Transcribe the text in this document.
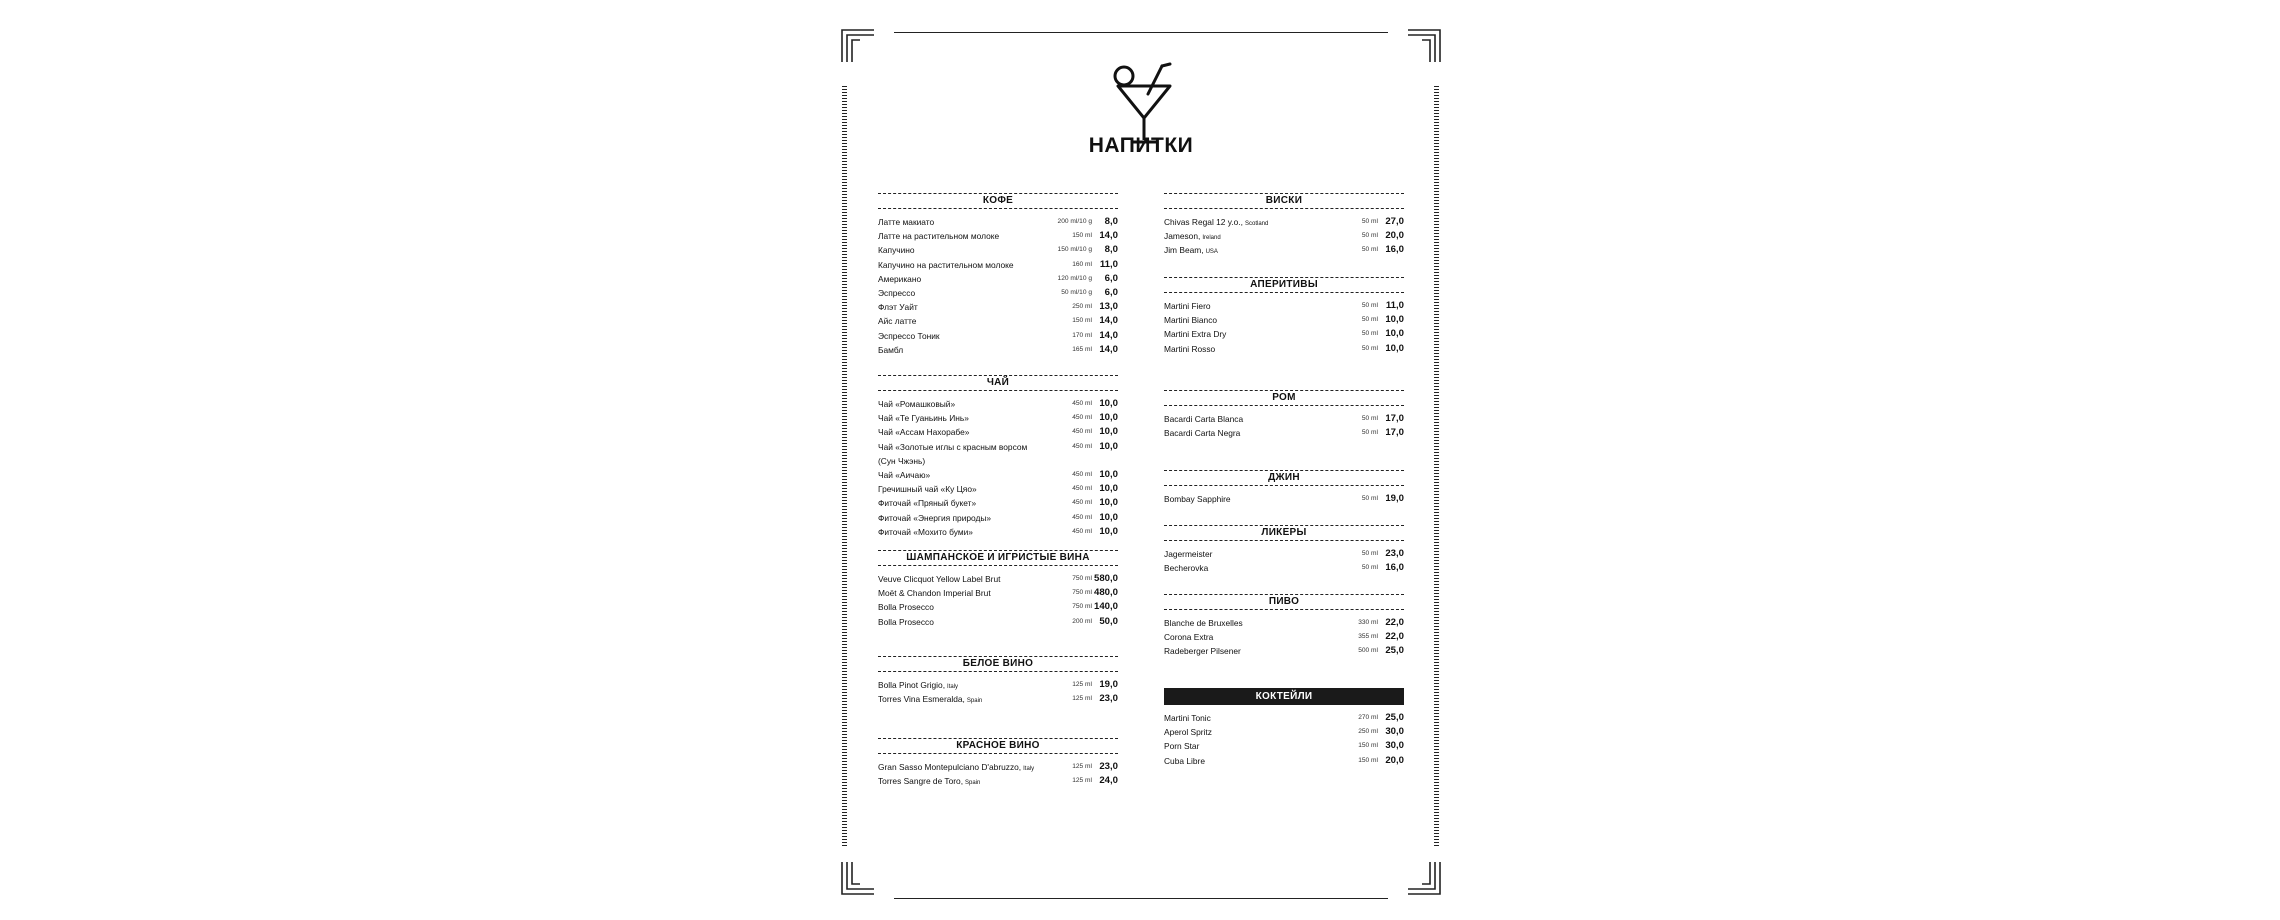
НАПИТКИ
КОФЕ
Латте макиато	200 ml/10 g 8,0
Латте на растительном молоке	150 ml 14,0
Капучино	150 ml/10 g 8,0
Капучино на растительном молоке	160 ml 11,0
Американо	120 ml/10 g 6,0
Эспрессо	50 ml/10 g 6,0
Флэт Уайт	250 ml 13,0
Айс латте	150 ml 14,0
Эспрессо Тоник	170 ml 14,0
Бамбл	165 ml 14,0
ЧАЙ
Чай «Ромашковый»	450 ml 10,0
Чай «Те Гуаньинь Инь»	450 ml 10,0
Чай «Ассам Нахорабе»	450 ml 10,0
Чай «Золотые иглы с красным ворсом	450 ml 10,0
(Сун Чжэнь)
Чай «Аичаю»	450 ml 10,0
Гречишный чай «Ку Цяо»	450 ml 10,0
Фиточай «Пряный букет»	450 ml 10,0
Фиточай «Энергия природы»	450 ml 10,0
Фиточай «Мохито буми»	450 ml 10,0
ШАМПАНСКОЕ И ИГРИСТЫЕ ВИНА
Veuve Clicquot Yellow Label Brut	750 ml 580,0
Moët & Chandon Imperial Brut	750 ml 480,0
Bolla Prosecco	750 ml 140,0
Bolla Prosecco	200 ml 50,0
БЕЛОЕ ВИНО
Bolla Pinot Grigio, Italy	125 ml 19,0
Torres Vina Esmeralda, Spain	125 ml 23,0
КРАСНОЕ ВИНО
Gran Sasso Montepulciano D'abruzzo, Italy	125 ml 23,0
Torres Sangre de Toro, Spain	125 ml 24,0
ВИСКИ
Chivas Regal 12 y.o., Scotland	50 ml 27,0
Jameson, Ireland	50 ml 20,0
Jim Beam, USA	50 ml 16,0
АПЕРИТИВЫ
Martini Fiero	50 ml 11,0
Martini Bianco	50 ml 10,0
Martini Extra Dry	50 ml 10,0
Martini Rosso	50 ml 10,0
РОМ
Bacardi Carta Blanca	50 ml 17,0
Bacardi Carta Negra	50 ml 17,0
ДЖИН
Bombay Sapphire	50 ml 19,0
ЛИКЕРЫ
Jagermeister	50 ml 23,0
Becherovka	50 ml 16,0
ПИВО
Blanche de Bruxelles	330 ml 22,0
Corona Extra	355 ml 22,0
Radeberger Pilsener	500 ml 25,0
КОКТЕЙЛИ
Martini Tonic	270 ml 25,0
Aperol Spritz	250 ml 30,0
Porn Star	150 ml 30,0
Cuba Libre	150 ml 20,0
